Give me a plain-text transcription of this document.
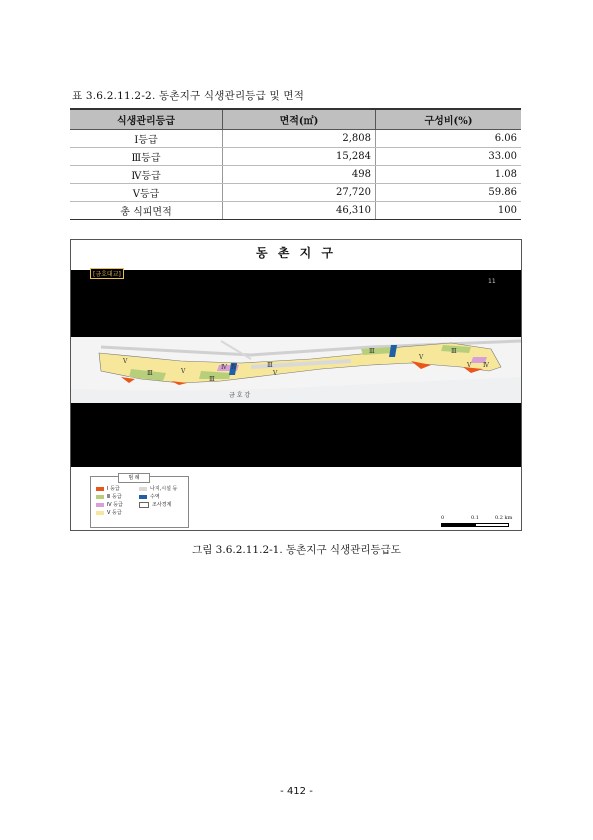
표 3.6.2.11.2-2. 동촌지구 식생관리등급 및 면적
식생관리등급	면적(㎡)	구성비(%)
Ⅰ등급	2,808	6.06
Ⅲ등급	15,284	33.00
Ⅳ등급	498	1.08
Ⅴ등급	27,720	59.86
총 식피면적	46,310	100
동 촌 지 구
[금호대교]
11
Ⅴ
Ⅲ	Ⅴ
Ⅲ
Ⅳ Ⅳ	Ⅲ
Ⅴ
Ⅲ
Ⅴ
Ⅲ
Ⅴ Ⅳ
금 호 강
범 례
Ⅰ 등급	나지,시설 등
Ⅲ 등급	수역
Ⅳ 등급	조사경계
Ⅴ 등급
0	0.1	0.2 km
그림 3.6.2.11.2-1. 동촌지구 식생관리등급도
- 412 -
